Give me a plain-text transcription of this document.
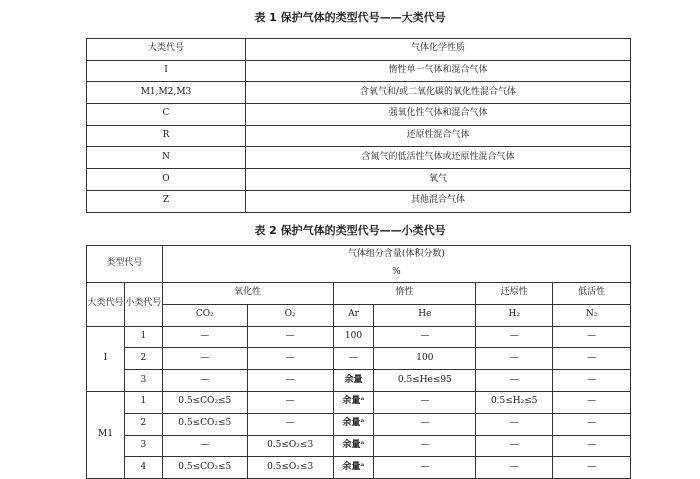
表 1 保护气体的类型代号——大类代号
大类代号	气体化学性质
I	惰性单一气体和混合气体
M1,M2,M3	含氧气和/或二氧化碳的氧化性混合气体
C	强氧化性气体和混合气体
R	还原性混合气体
N	含氮气的低活性气体或还原性混合气体
O	氧气
Z	其他混合气体
表 2 保护气体的类型代号——小类代号
类型代号		气体组分含量(体积分数)					
		%					
大类代号	小类代号	氧化性		惰性		还原性	低活性
		CO₂	O₂	Ar	He	H₂	N₂
I	1	—	—	100	—	—	—
	2	—	—	—	100	—	—
	3	—	—	余量	0.5≤He≤95	—	—
M1	1	0.5≤CO₂≤5	—	余量ᵃ	—	0.5≤H₂≤5	—
	2	0.5≤CO₂≤5	—	余量ᵃ	—	—	—
	3	—	0.5≤O₂≤3	余量ᵃ	—	—	—
	4	0.5≤CO₂≤5	0.5≤O₂≤3	余量ᵃ	—	—	—
